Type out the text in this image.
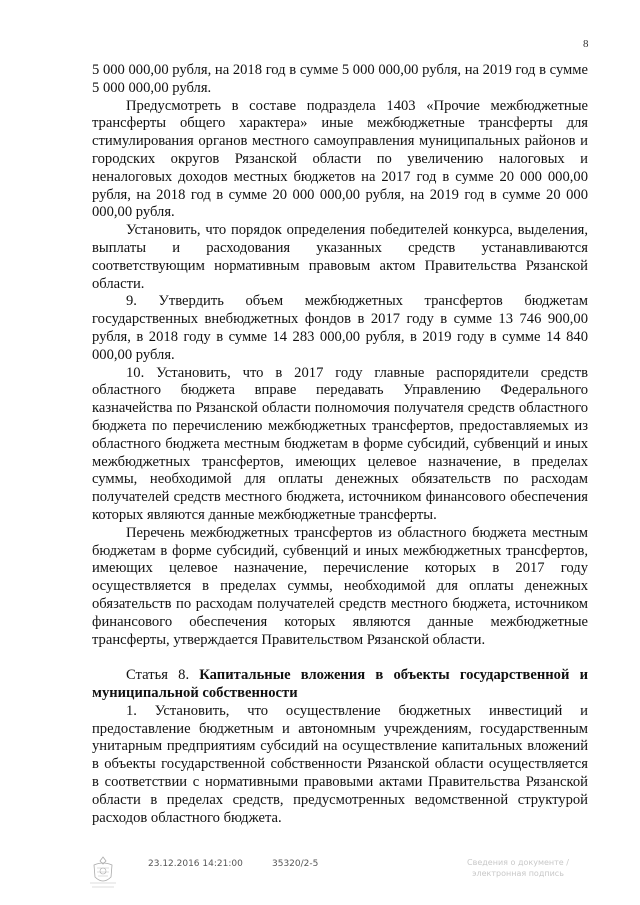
8

5 000 000,00 рубля, на 2018 год в сумме 5 000 000,00 рубля, на 2019 год в сумме 5 000 000,00 рубля.

Предусмотреть в составе подраздела 1403 «Прочие межбюджетные трансферты общего характера» иные межбюджетные трансферты для стимулирования органов местного самоуправления муниципальных районов и городских округов Рязанской области по увеличению налоговых и неналоговых доходов местных бюджетов на 2017 год в сумме 20 000 000,00 рубля, на 2018 год в сумме 20 000 000,00 рубля, на 2019 год в сумме 20 000 000,00 рубля.

Установить, что порядок определения победителей конкурса, выделения, выплаты и расходования указанных средств устанавливаются соответствующим нормативным правовым актом Правительства Рязанской области.

9. Утвердить объем межбюджетных трансфертов бюджетам государственных внебюджетных фондов в 2017 году в сумме 13 746 900,00 рубля, в 2018 году в сумме 14 283 000,00 рубля, в 2019 году в сумме 14 840 000,00 рубля.

10. Установить, что в 2017 году главные распорядители средств областного бюджета вправе передавать Управлению Федерального казначейства по Рязанской области полномочия получателя средств областного бюджета по перечислению межбюджетных трансфертов, предоставляемых из областного бюджета местным бюджетам в форме субсидий, субвенций и иных межбюджетных трансфертов, имеющих целевое назначение, в пределах суммы, необходимой для оплаты денежных обязательств по расходам получателей средств местного бюджета, источником финансового обеспечения которых являются данные межбюджетные трансферты.

Перечень межбюджетных трансфертов из областного бюджета местным бюджетам в форме субсидий, субвенций и иных межбюджетных трансфертов, имеющих целевое назначение, перечисление которых в 2017 году осуществляется в пределах суммы, необходимой для оплаты денежных обязательств по расходам получателей средств местного бюджета, источником финансового обеспечения которых являются данные межбюджетные трансферты, утверждается Правительством Рязанской области.

Статья 8. Капитальные вложения в объекты государственной и муниципальной собственности

1. Установить, что осуществление бюджетных инвестиций и предоставление бюджетным и автономным учреждениям, государственным унитарным предприятиям субсидий на осуществление капитальных вложений в объекты государственной собственности Рязанской области осуществляется в соответствии с нормативными правовыми актами Правительства Рязанской области в пределах средств, предусмотренных ведомственной структурой расходов областного бюджета.

23.12.2016 14:21:00	35320/2-5	Сведения о документе / электронная подпись
